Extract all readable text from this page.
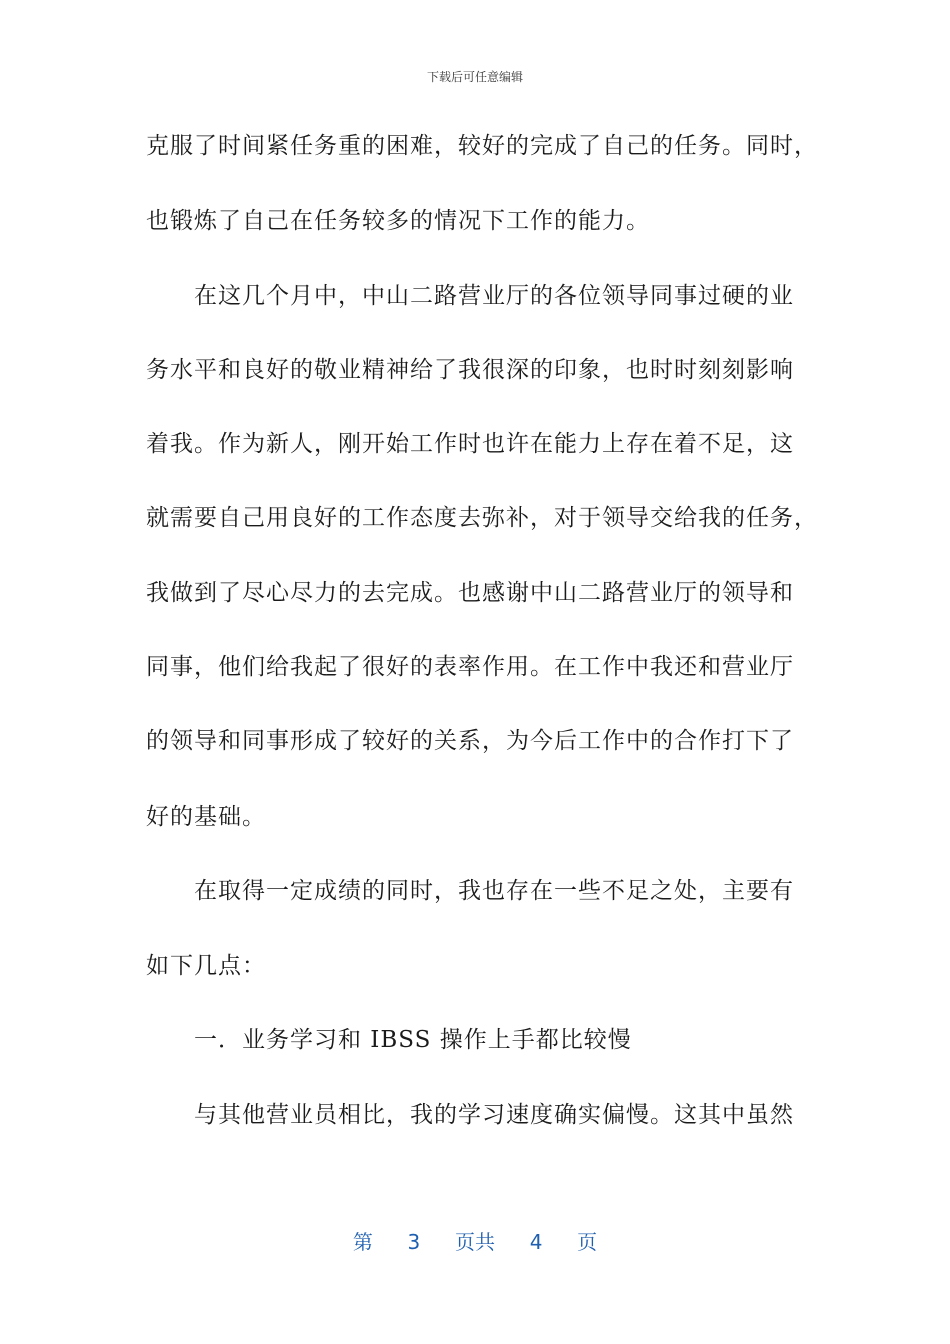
下载后可任意编辑
克服了时间紧任务重的困难，较好的完成了自己的任务。同时，
也锻炼了自己在任务较多的情况下工作的能力。
在这几个月中，中山二路营业厅的各位领导同事过硬的业
务水平和良好的敬业精神给了我很深的印象，也时时刻刻影响
着我。作为新人，刚开始工作时也许在能力上存在着不足，这
就需要自己用良好的工作态度去弥补，对于领导交给我的任务，
我做到了尽心尽力的去完成。也感谢中山二路营业厅的领导和
同事，他们给我起了很好的表率作用。在工作中我还和营业厅
的领导和同事形成了较好的关系，为今后工作中的合作打下了
好的基础。
在取得一定成绩的同时，我也存在一些不足之处，主要有
如下几点：
一．业务学习和 IBSS 操作上手都比较慢
与其他营业员相比，我的学习速度确实偏慢。这其中虽然
第 3 页共 4 页
